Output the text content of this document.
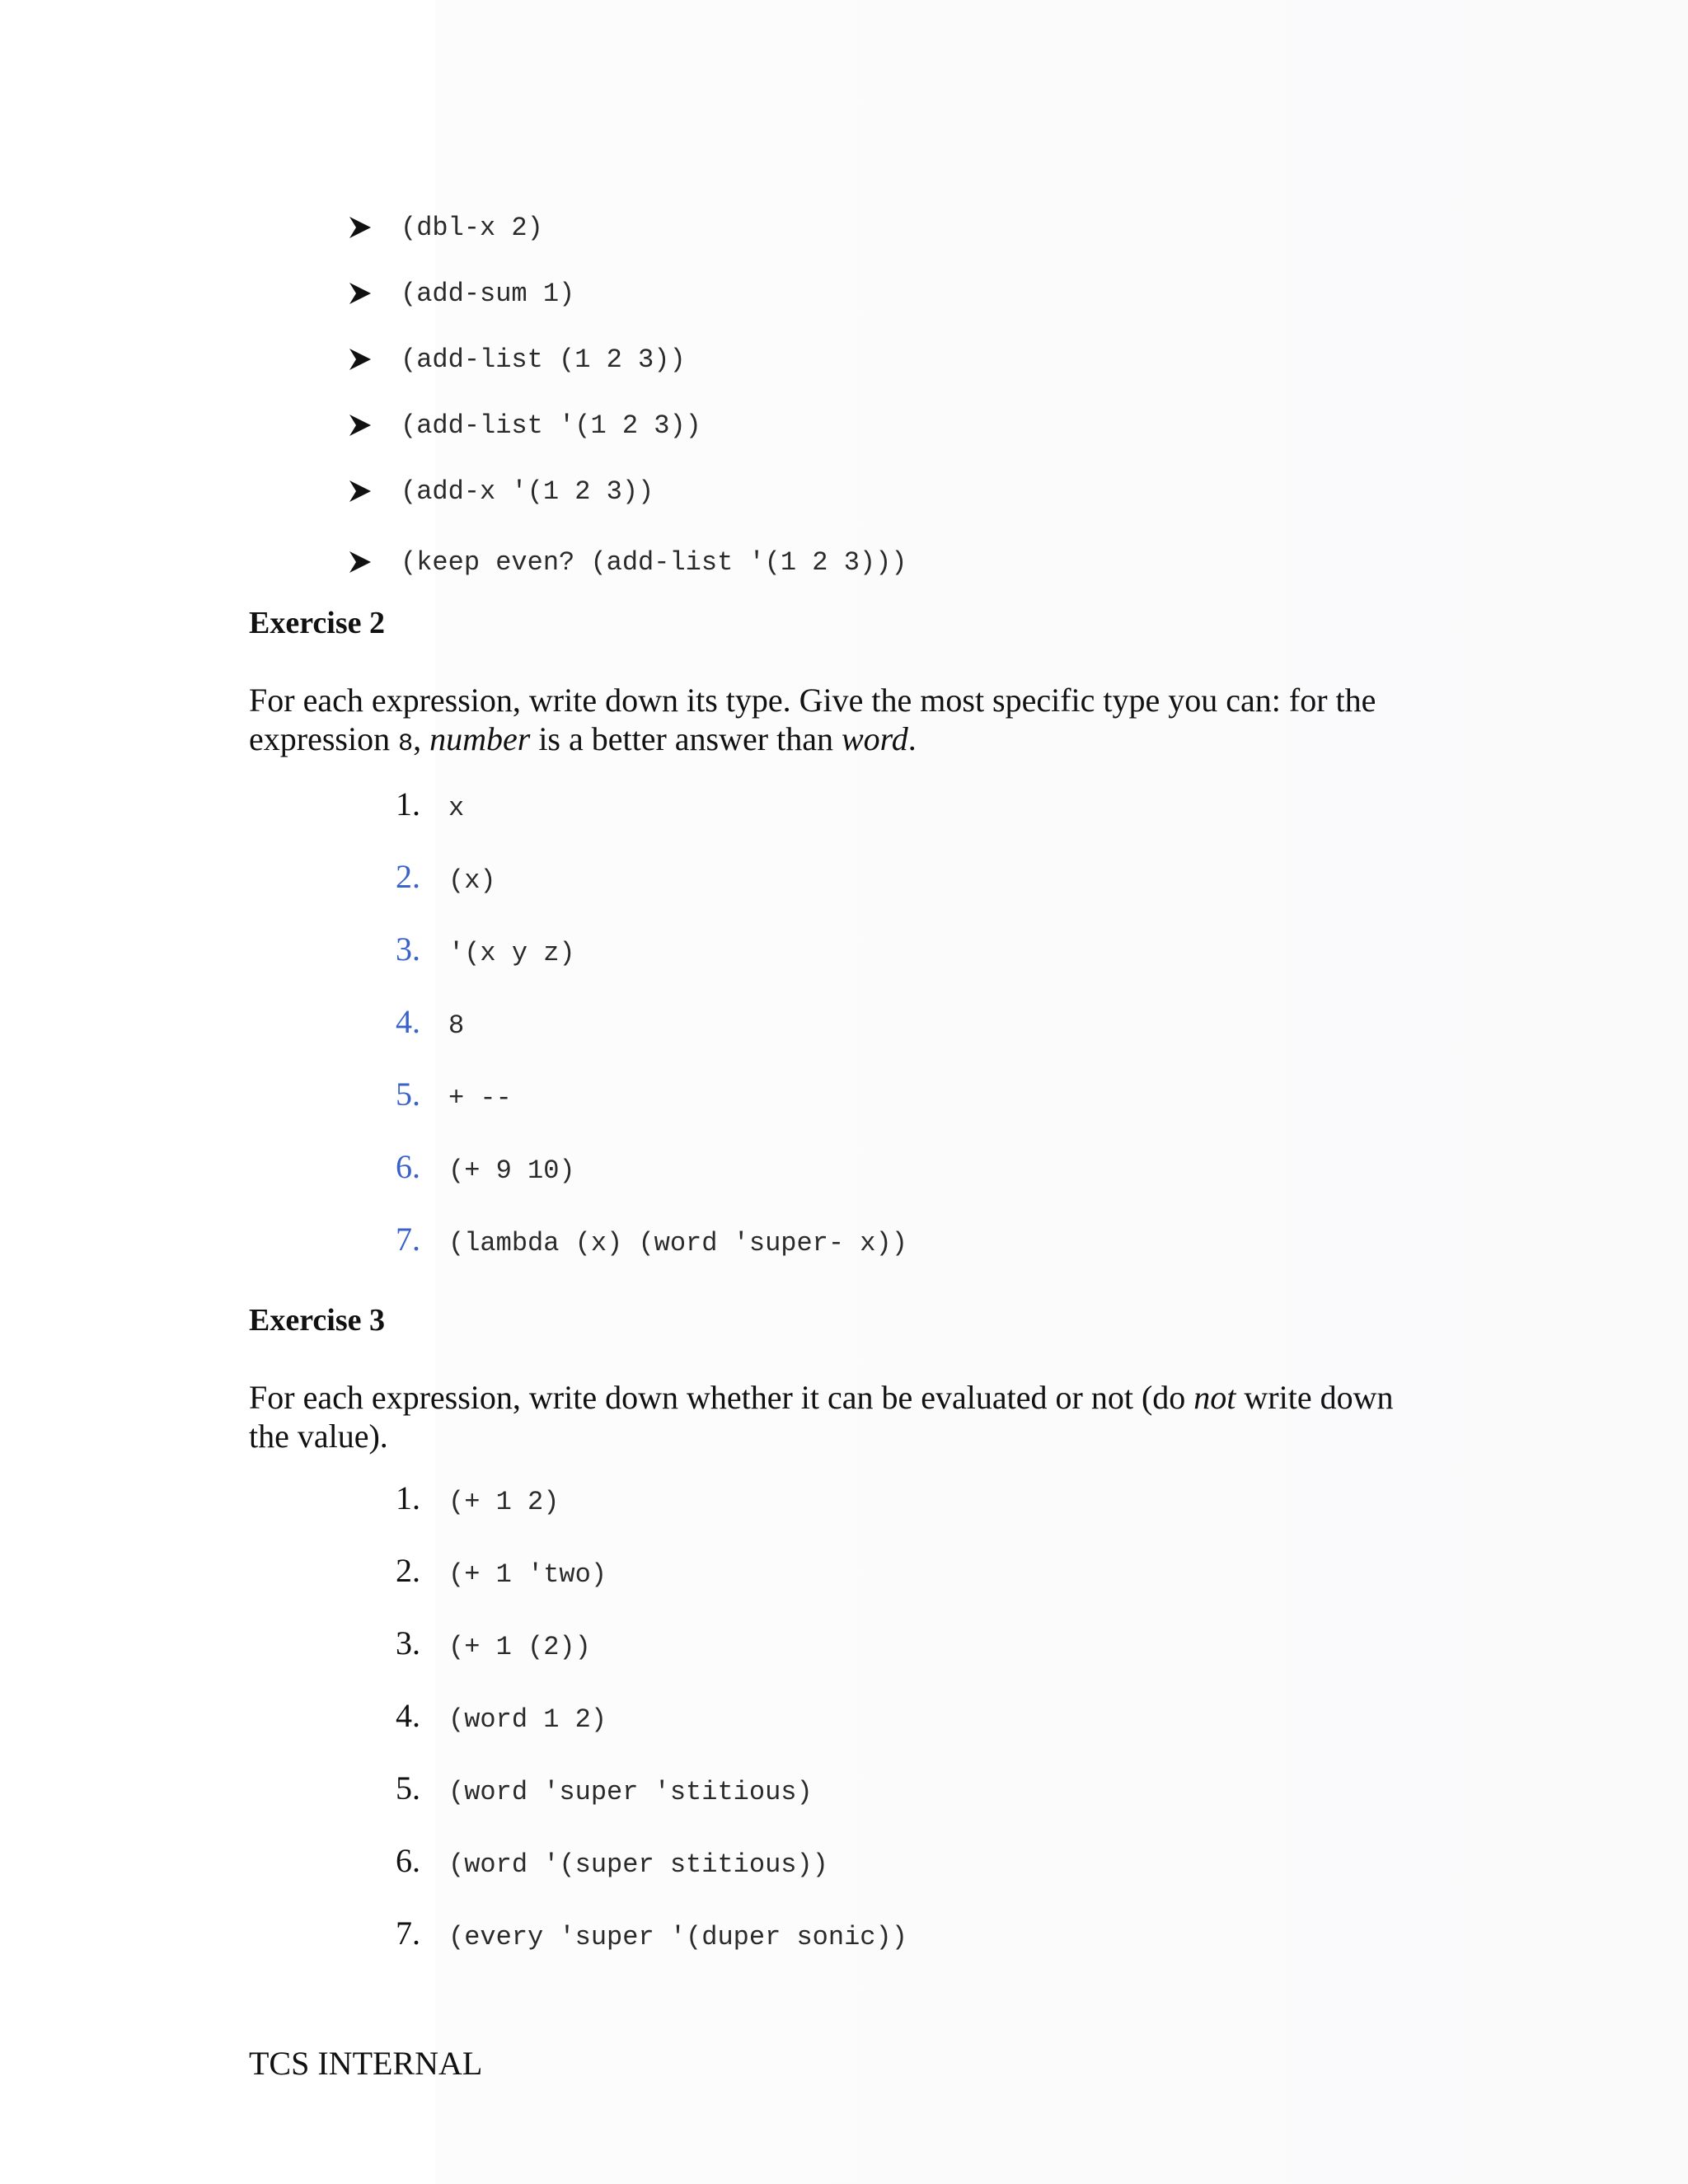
(dbl-x 2)
(add-sum 1)
(add-list (1 2 3))
(add-list '(1 2 3))
(add-x '(1 2 3))
(keep even? (add-list '(1 2 3)))
Exercise 2
For each expression, write down its type. Give the most specific type you can: for the expression 8, number is a better answer than word.
1.	x
2.	(x)
3.	'(x y z)
4.	8
5.	+ --
6.	(+ 9 10)
7.	(lambda (x) (word 'super- x))
Exercise 3
For each expression, write down whether it can be evaluated or not (do not write down the value).
1.	(+ 1 2)
2.	(+ 1 'two)
3.	(+ 1 (2))
4.	(word 1 2)
5.	(word 'super 'stitious)
6.	(word '(super stitious))
7.	(every 'super '(duper sonic))
TCS INTERNAL
